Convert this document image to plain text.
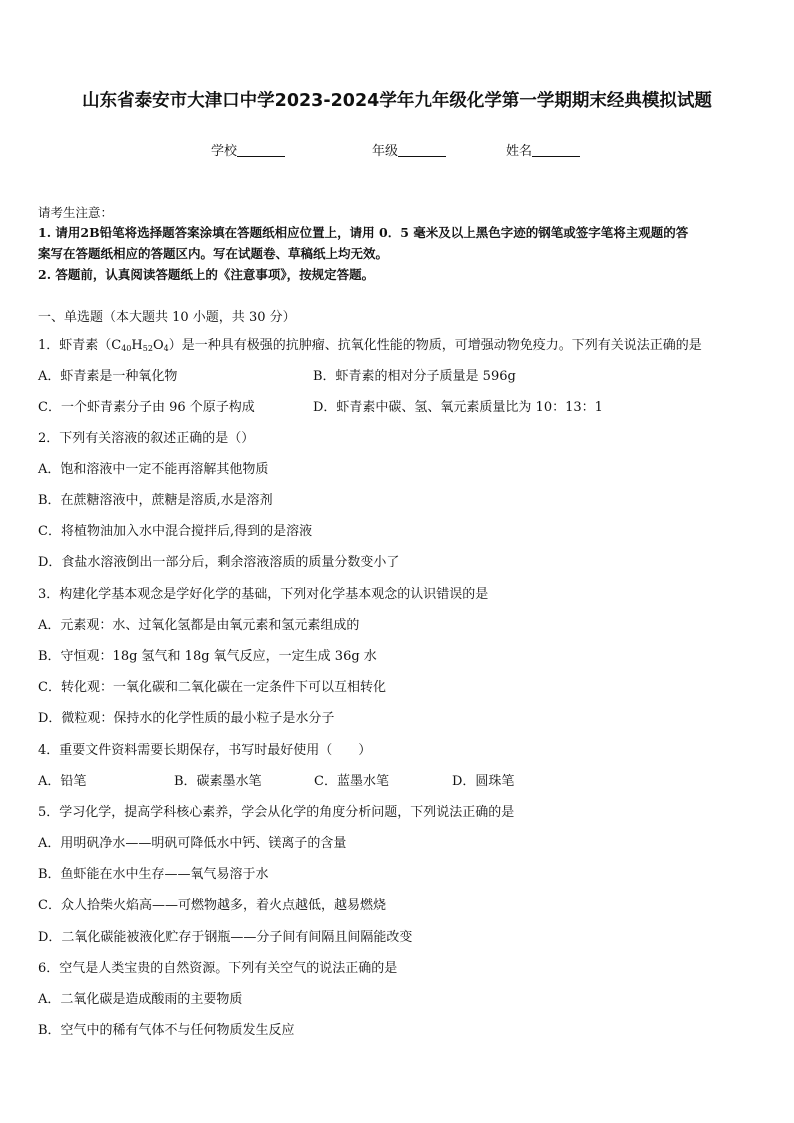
山东省泰安市大津口中学2023-2024学年九年级化学第一学期期末经典模拟试题
学校	年级	姓名
请考生注意：
1. 请用2B铅笔将选择题答案涂填在答题纸相应位置上，请用 0．5 毫米及以上黑色字迹的钢笔或签字笔将主观题的答
案写在答题纸相应的答题区内。写在试题卷、草稿纸上均无效。
2. 答题前，认真阅读答题纸上的《注意事项》，按规定答题。
一、单选题（本大题共 10 小题，共 30 分）
1．虾青素$(C_{40}H_{52}O_4)$是一种具有极强的抗肿瘤、抗氧化性能的物质，可增强动物免疫力。下列有关说法正确的是
A．虾青素是一种氧化物	B．虾青素的相对分子质量是 596g
C．一个虾青素分子由 96 个原子构成	D．虾青素中碳、氢、氧元素质量比为 10：13：1
2．下列有关溶液的叙述正确的是（）
A．饱和溶液中一定不能再溶解其他物质
B．在蔗糖溶液中，蔗糖是溶质,水是溶剂
C．将植物油加入水中混合搅拌后,得到的是溶液
D．食盐水溶液倒出一部分后，剩余溶液溶质的质量分数变小了
3．构建化学基本观念是学好化学的基础，下列对化学基本观念的认识错误的是
A．元素观：水、过氧化氢都是由氧元素和氢元素组成的
B．守恒观：18g 氢气和 18g 氧气反应，一定生成 36g 水
C．转化观：一氧化碳和二氧化碳在一定条件下可以互相转化
D．微粒观：保持水的化学性质的最小粒子是水分子
4．重要文件资料需要长期保存，书写时最好使用（　　）
A．铅笔	B．碳素墨水笔	C．蓝墨水笔	D．圆珠笔
5．学习化学，提高学科核心素养，学会从化学的角度分析问题，下列说法正确的是
A．用明矾净水——明矾可降低水中钙、镁离子的含量
B．鱼虾能在水中生存——氧气易溶于水
C．众人拾柴火焰高——可燃物越多，着火点越低，越易燃烧
D．二氧化碳能被液化贮存于钢瓶——分子间有间隔且间隔能改变
6．空气是人类宝贵的自然资源。下列有关空气的说法正确的是
A．二氧化碳是造成酸雨的主要物质
B．空气中的稀有气体不与任何物质发生反应
